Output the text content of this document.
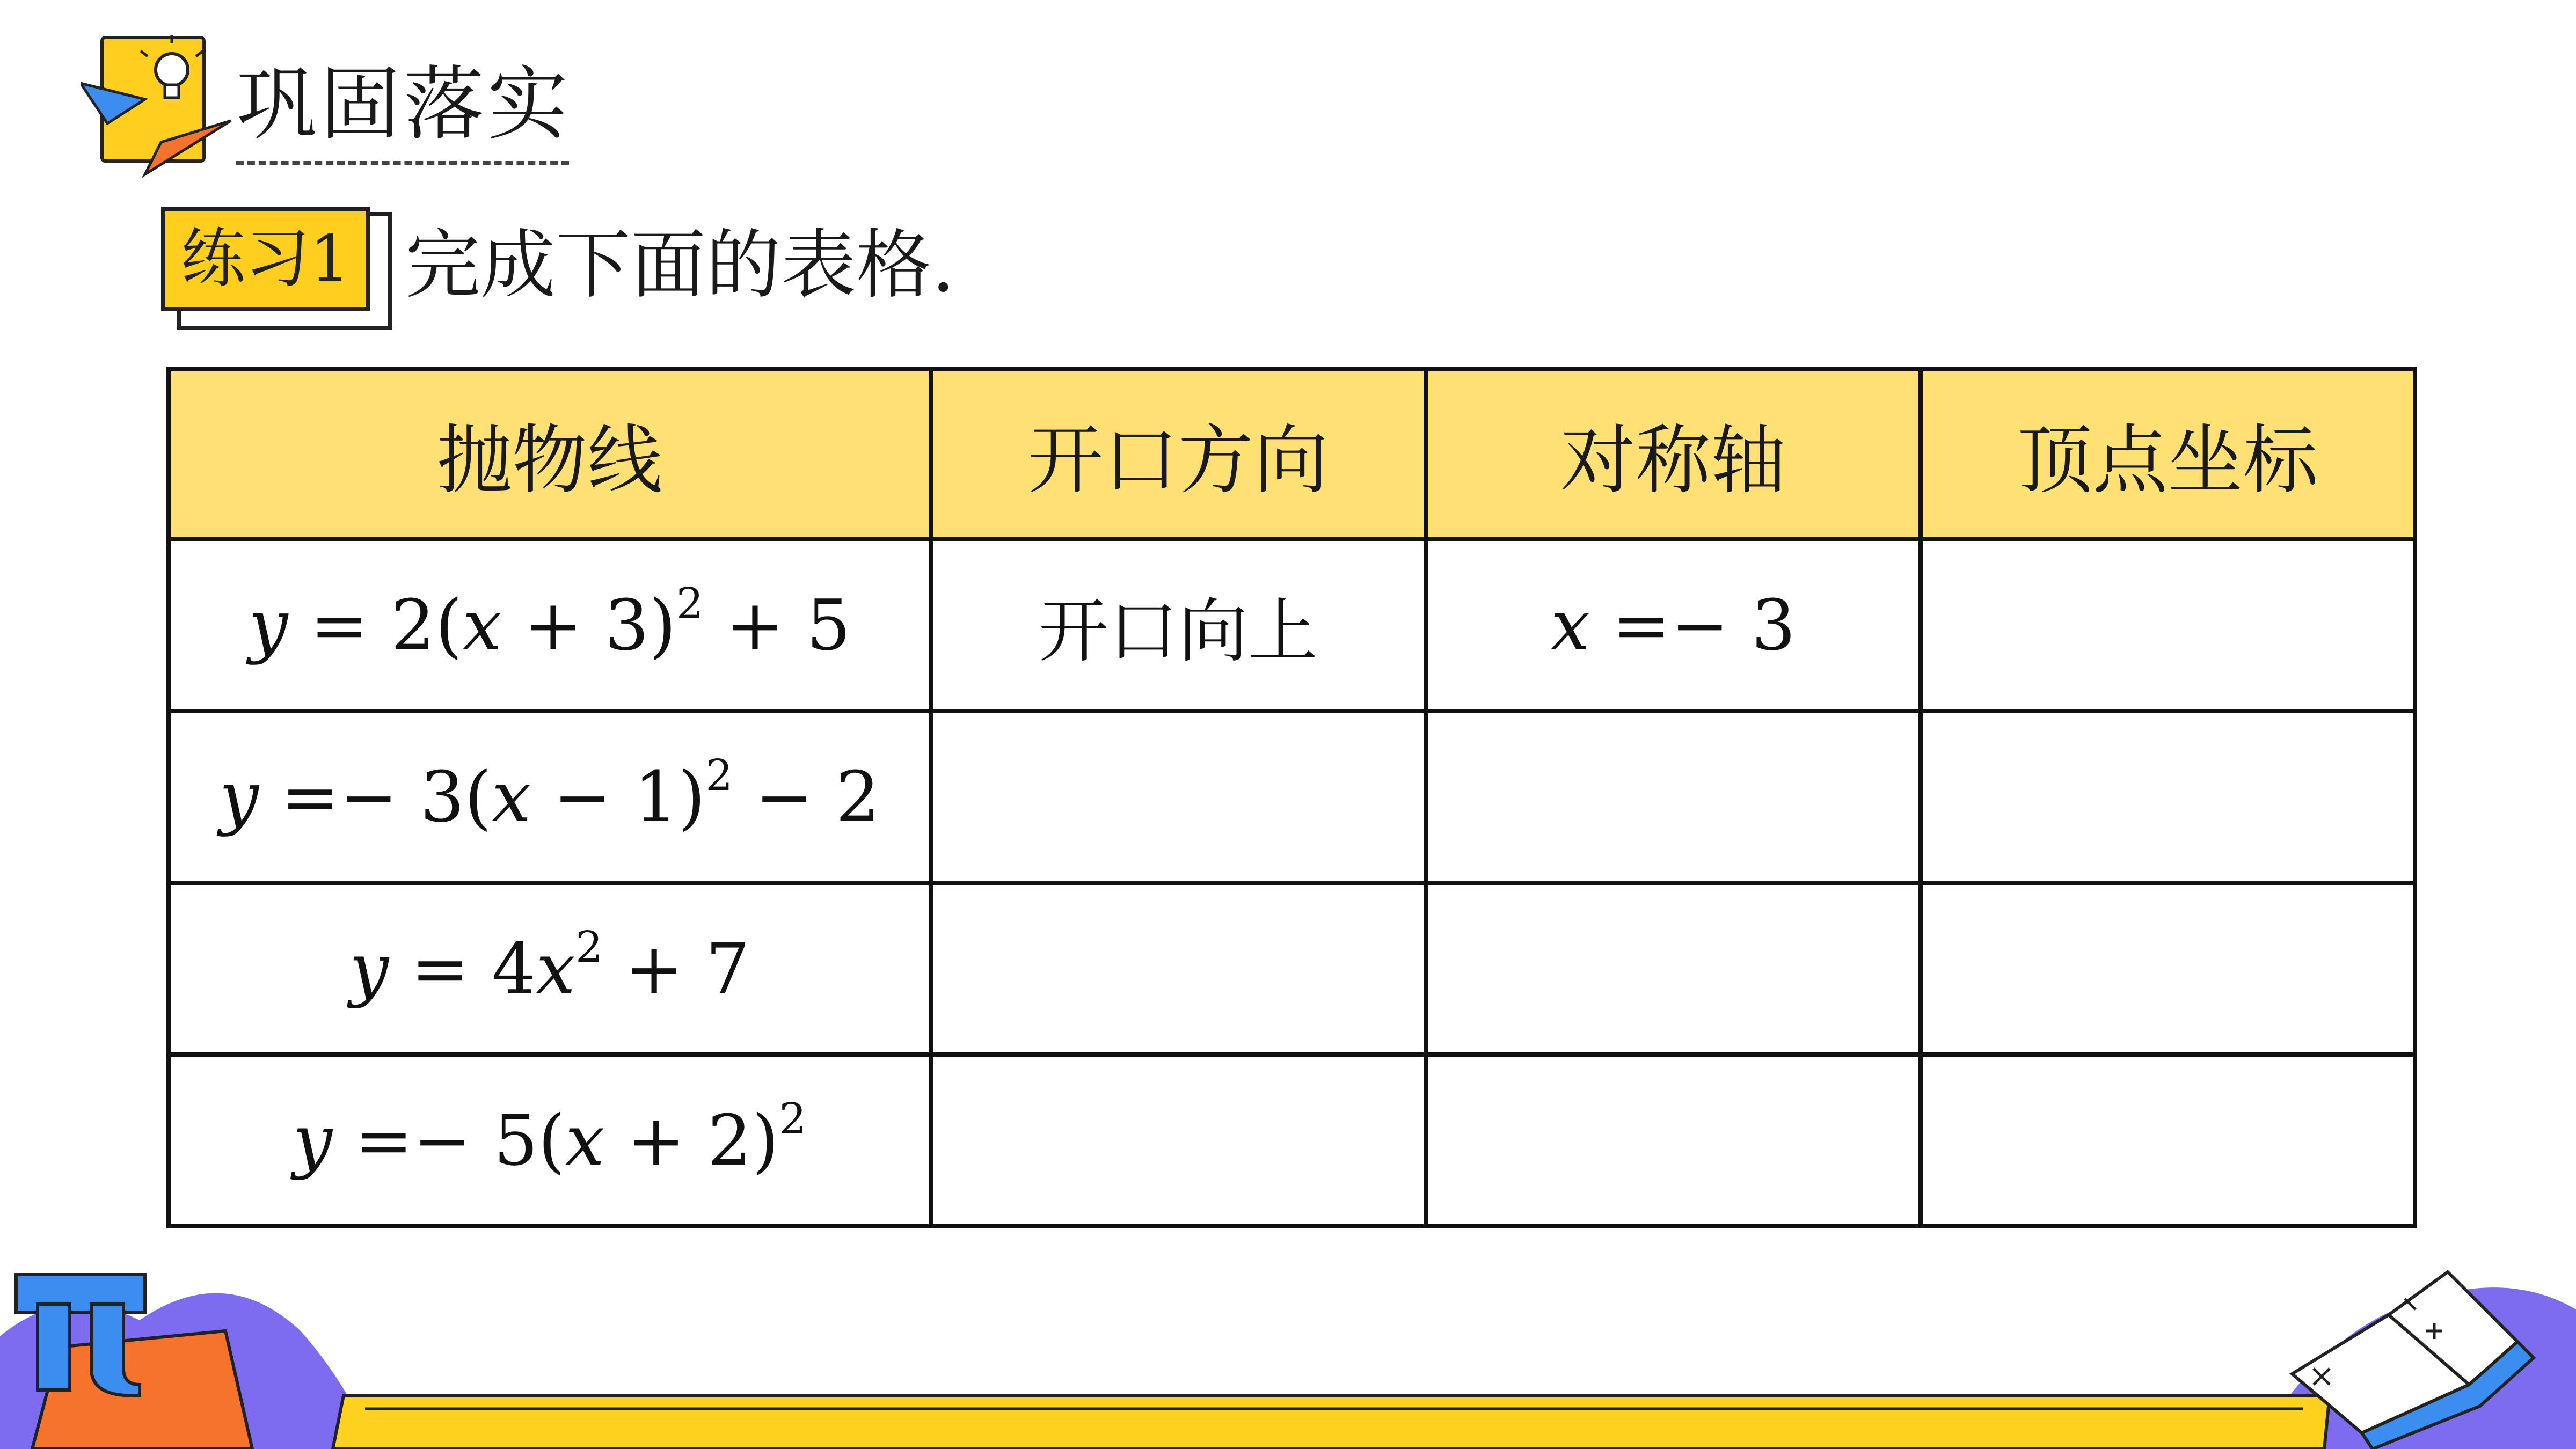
巩固落实
练习1 完成下面的表格.
抛物线	开口方向	对称轴	顶点坐标
$y = 2(x + 3)^2 + 5$	开口向上	x =− 3	
$y =- 3(x - 1)^2 - 2$			
$y = 4x^2 + 7$			
$y =- 5(x + 2)^2$			
